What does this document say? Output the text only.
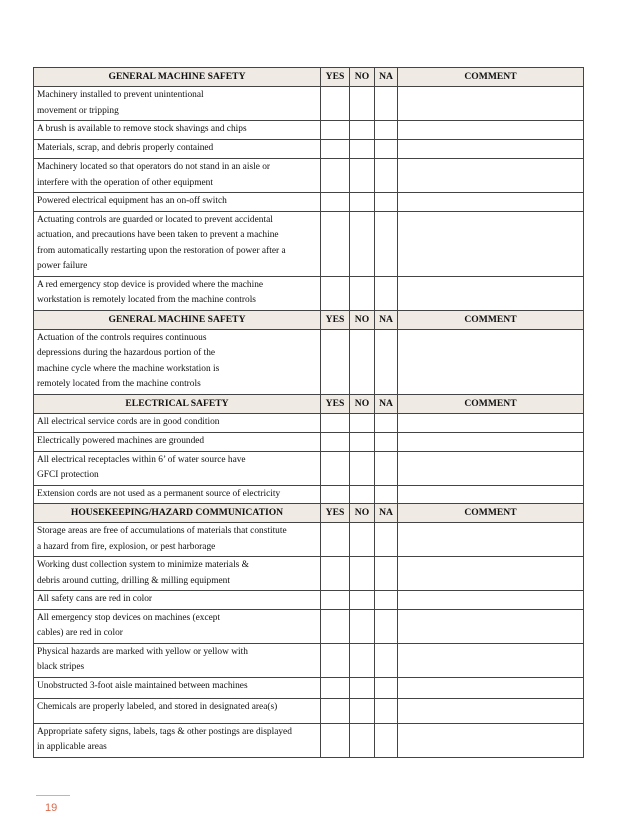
GENERAL MACHINE SAFETY	YES	NO	NA	COMMENT

Machinery installed to prevent unintentional
movement or tripping				

A brush is available to remove stock shavings and chips				

Materials, scrap, and debris properly contained				

Machinery located so that operators do not stand in an aisle or
interfere with the operation of other equipment				

Powered electrical equipment has an on-off switch				

Actuating controls are guarded or located to prevent accidental
actuation, and precautions have been taken to prevent a machine
from automatically restarting upon the restoration of power after a
power failure				

A red emergency stop device is provided where the machine
workstation is remotely located from the machine controls				

GENERAL MACHINE SAFETY	YES	NO	NA	COMMENT

Actuation of the controls requires continuous
depressions during the hazardous portion of the
machine cycle where the machine workstation is
remotely located from the machine controls				

ELECTRICAL SAFETY	YES	NO	NA	COMMENT

All electrical service cords are in good condition				

Electrically powered machines are grounded				

All electrical receptacles within 6’ of water source have
GFCI protection				

Extension cords are not used as a permanent source of electricity				

HOUSEKEEPING/HAZARD COMMUNICATION	YES	NO	NA	COMMENT

Storage areas are free of accumulations of materials that constitute
a hazard from fire, explosion, or pest harborage				

Working dust collection system to minimize materials &
debris around cutting, drilling & milling equipment				

All safety cans are red in color				

All emergency stop devices on machines (except
cables) are red in color				

Physical hazards are marked with yellow or yellow with
black stripes				

Unobstructed 3-foot aisle maintained between machines				

Chemicals are properly labeled, and stored in designated area(s)				

Appropriate safety signs, labels, tags & other postings are displayed
in applicable areas				

19
